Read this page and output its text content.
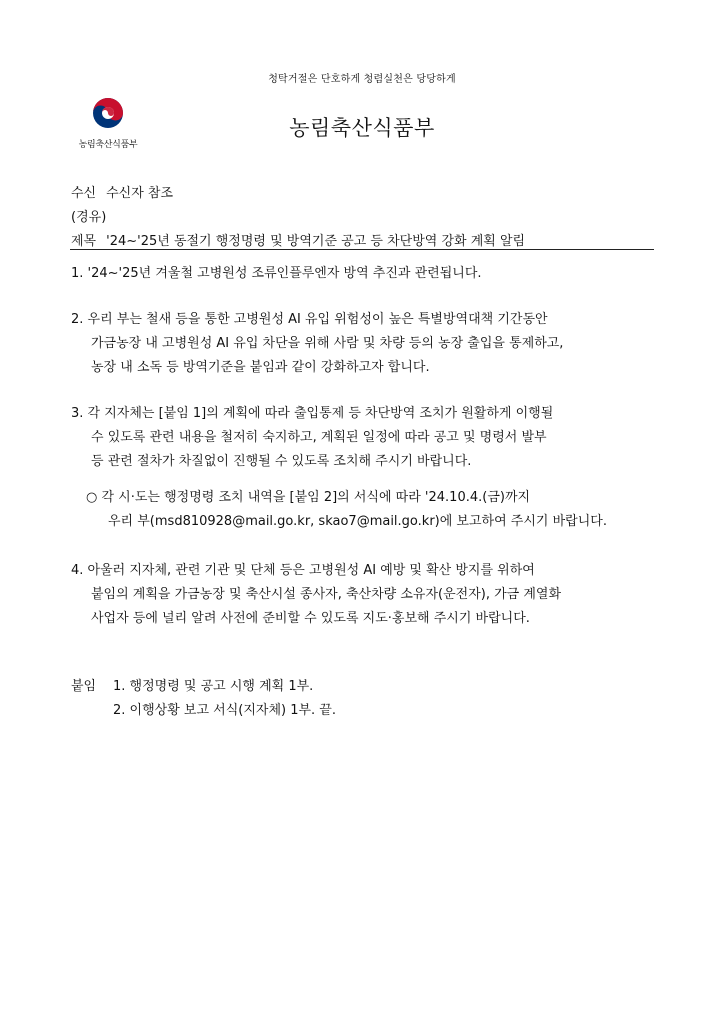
청탁거절은 단호하게 청렴실천은 당당하게
농림축산식품부
농림축산식품부
수신 수신자 참조
(경유)
제목 '24~'25년 동절기 행정명령 및 방역기준 공고 등 차단방역 강화 계획 알림
1. '24~'25년 겨울철 고병원성 조류인플루엔자 방역 추진과 관련됩니다.
2. 우리 부는 철새 등을 통한 고병원성 AI 유입 위험성이 높은 특별방역대책 기간동안
가금농장 내 고병원성 AI 유입 차단을 위해 사람 및 차량 등의 농장 출입을 통제하고,
농장 내 소독 등 방역기준을 붙임과 같이 강화하고자 합니다.
3. 각 지자체는 [붙임 1]의 계획에 따라 출입통제 등 차단방역 조치가 원활하게 이행될
수 있도록 관련 내용을 철저히 숙지하고, 계획된 일정에 따라 공고 및 명령서 발부
등 관련 절차가 차질없이 진행될 수 있도록 조치해 주시기 바랍니다.
○ 각 시·도는 행정명령 조치 내역을 [붙임 2]의 서식에 따라 '24.10.4.(금)까지
우리 부(msd810928@mail.go.kr, skao7@mail.go.kr)에 보고하여 주시기 바랍니다.
4. 아울러 지자체, 관련 기관 및 단체 등은 고병원성 AI 예방 및 확산 방지를 위하여
붙임의 계획을 가금농장 및 축산시설 종사자, 축산차량 소유자(운전자), 가금 계열화
사업자 등에 널리 알려 사전에 준비할 수 있도록 지도·홍보해 주시기 바랍니다.
붙임 1. 행정명령 및 공고 시행 계획 1부.
2. 이행상황 보고 서식(지자체) 1부. 끝.
